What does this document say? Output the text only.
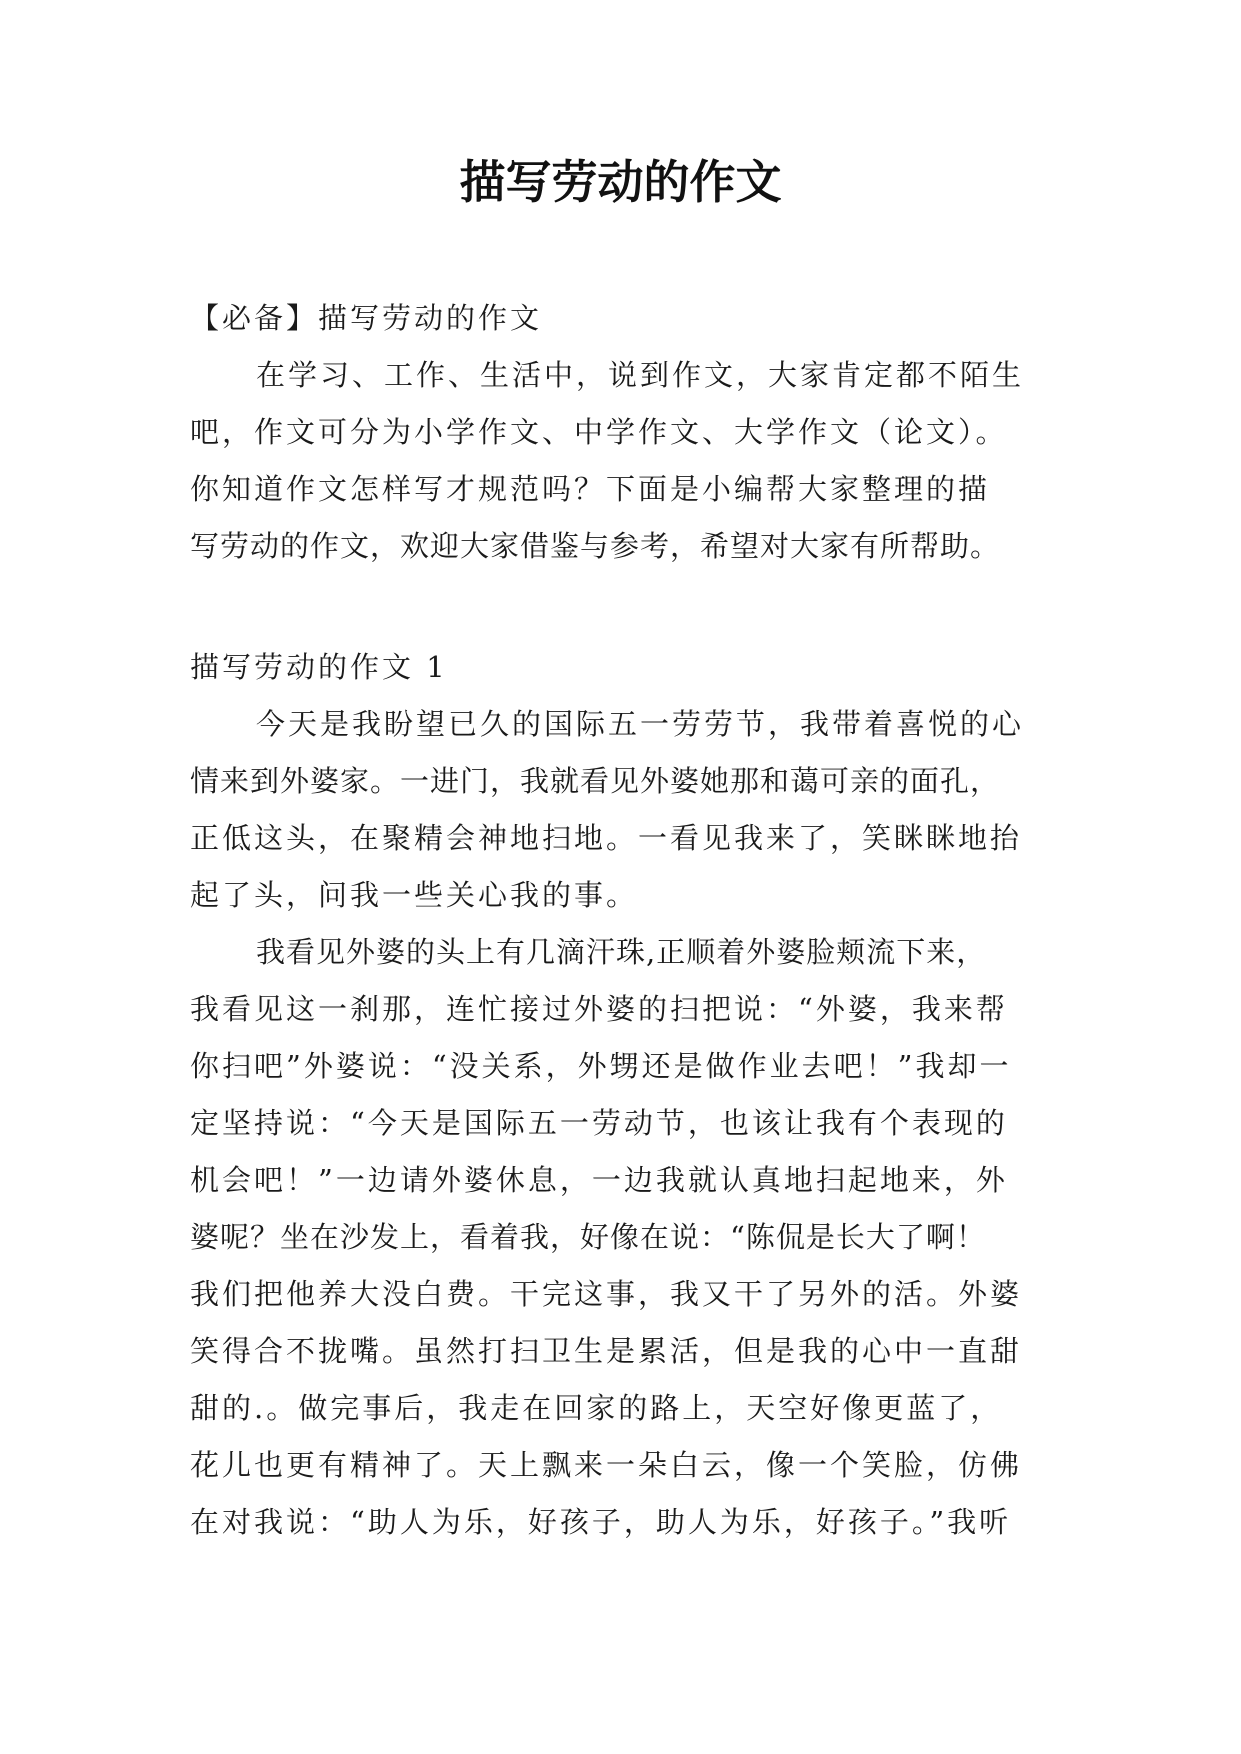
描写劳动的作文

【必备】描写劳动的作文

在学习、工作、生活中，说到作文，大家肯定都不陌生

吧，作文可分为小学作文、中学作文、大学作文（论文）。

你知道作文怎样写才规范吗？下面是小编帮大家整理的描

写劳动的作文，欢迎大家借鉴与参考，希望对大家有所帮助。

描写劳动的作文 1

今天是我盼望已久的国际五一劳劳节，我带着喜悦的心

情来到外婆家。一进门，我就看见外婆她那和蔼可亲的面孔，

正低这头，在聚精会神地扫地。一看见我来了，笑眯眯地抬

起了头，问我一些关心我的事。

我看见外婆的头上有几滴汗珠,正顺着外婆脸颊流下来，

我看见这一刹那，连忙接过外婆的扫把说：“外婆，我来帮

你扫吧”外婆说：“没关系，外甥还是做作业去吧！”我却一

定坚持说：“今天是国际五一劳动节，也该让我有个表现的

机会吧！”一边请外婆休息，一边我就认真地扫起地来，外

婆呢？坐在沙发上，看着我，好像在说：“陈侃是长大了啊！

我们把他养大没白费。干完这事，我又干了另外的活。外婆

笑得合不拢嘴。虽然打扫卫生是累活，但是我的心中一直甜

甜的.。做完事后，我走在回家的路上，天空好像更蓝了，

花儿也更有精神了。天上飘来一朵白云，像一个笑脸，仿佛

在对我说：“助人为乐，好孩子，助人为乐，好孩子。”我听
